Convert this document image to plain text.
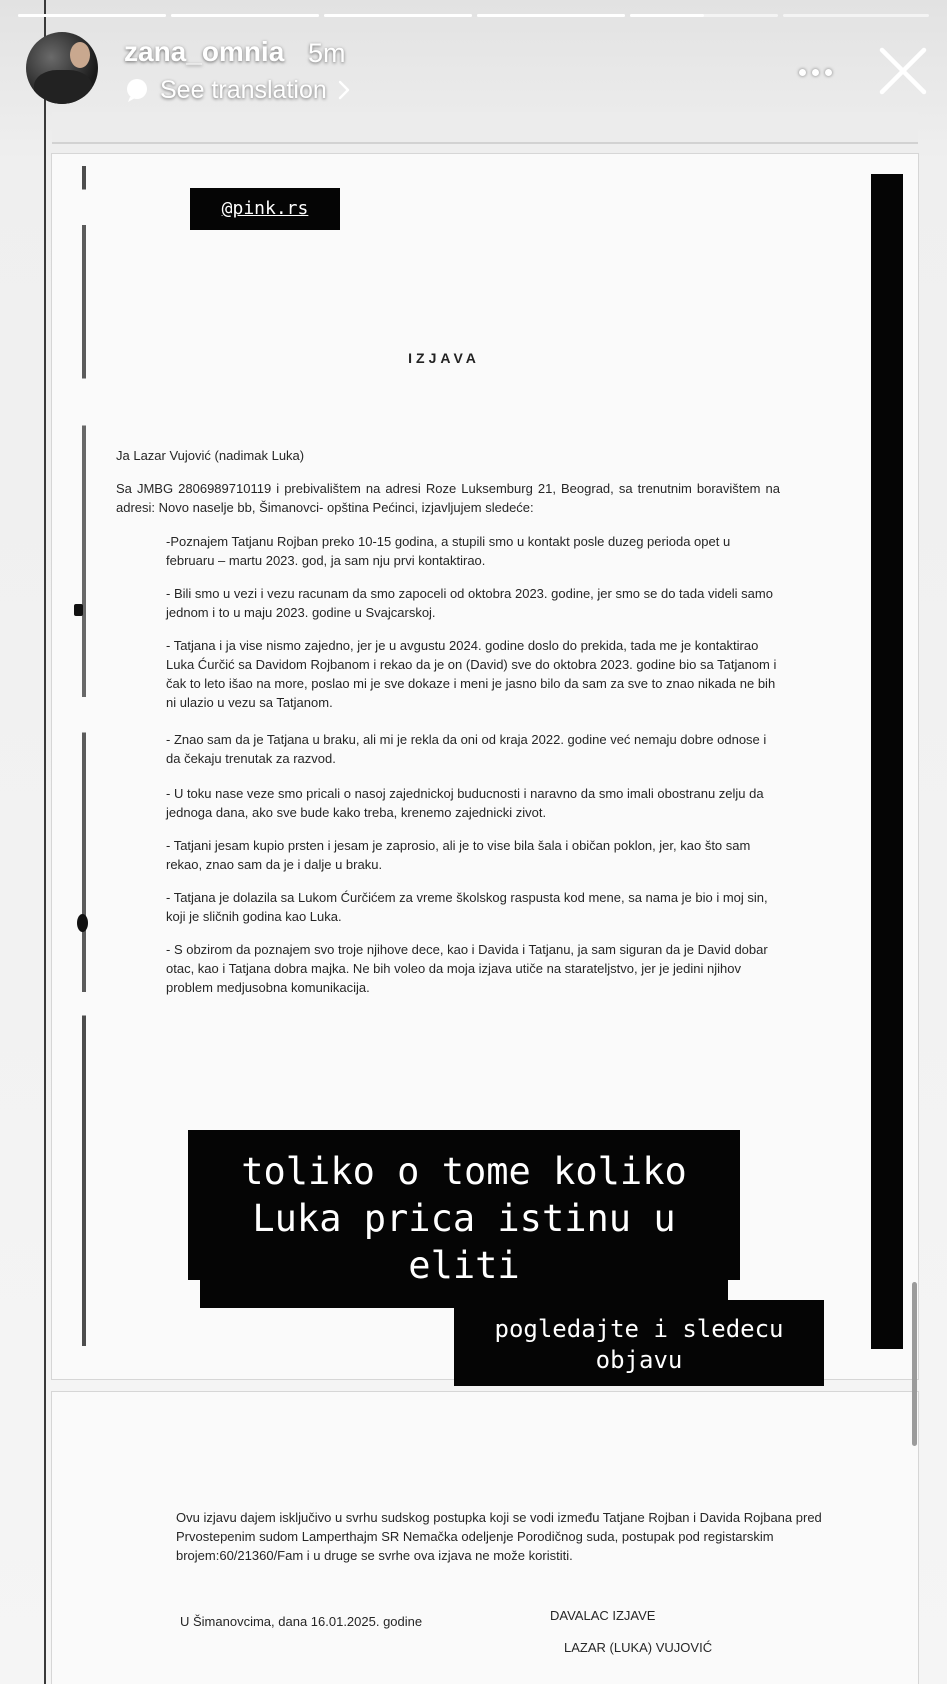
IZJAVA
Ja Lazar Vujović (nadimak Luka)
Sa JMBG 2806989710119 i prebivalištem na adresi Roze Luksemburg 21, Beograd, sa trenutnim boravištem na adresi: Novo naselje bb, Šimanovci- opština Pećinci, izjavljujem sledeće:
-Poznajem Tatjanu Rojban preko 10-15 godina, a stupili smo u kontakt posle duzeg perioda opet u februaru – martu 2023. god, ja sam nju prvi kontaktirao.
- Bili smo u vezi i vezu racunam da smo zapoceli od oktobra 2023. godine, jer smo se do tada videli samo jednom i to u maju 2023. godine u Svajcarskoj.
- Tatjana i ja vise nismo zajedno, jer je u avgustu 2024. godine doslo do prekida, tada me je kontaktirao Luka Ćurčić sa Davidom Rojbanom i rekao da je on (David) sve do oktobra 2023. godine bio sa Tatjanom i čak to leto išao na more, poslao mi je sve dokaze i meni je jasno bilo da sam za sve to znao nikada ne bih ni ulazio u vezu sa Tatjanom.
- Znao sam da je Tatjana u braku, ali mi je rekla da oni od kraja 2022. godine već nemaju dobre odnose i da čekaju trenutak za razvod.
- U toku nase veze smo pricali o nasoj zajednickoj buducnosti i naravno da smo imali obostranu zelju da jednoga dana, ako sve bude kako treba, krenemo zajednicki zivot.
- Tatjani jesam kupio prsten i jesam je zaprosio, ali je to vise bila šala i običan poklon, jer, kao što sam rekao, znao sam da je i dalje u braku.
- Tatjana je dolazila sa Lukom Ćurčićem za vreme školskog raspusta kod mene, sa nama je bio i moj sin, koji je sličnih godina kao Luka.
- S obzirom da poznajem svo troje njihove dece, kao i Davida i Tatjanu, ja sam siguran da je David dobar otac, kao i Tatjana dobra majka. Ne bih voleo da moja izjava utiče na starateljstvo, jer je jedini njihov problem medjusobna komunikacija.
Ovu izjavu dajem isključivo u svrhu sudskog postupka koji se vodi između Tatjane Rojban i Davida Rojbana pred Prvostepenim sudom Lamperthajm SR Nemačka odeljenje Porodičnog suda, postupak pod registarskim brojem:60/21360/Fam i u druge se svrhe ova izjava ne može koristiti.
U Šimanovcima, dana 16.01.2025. godine	DAVALAC IZJAVE
LAZAR (LUKA) VUJOVIĆ
@pink.rs
toliko o tome koliko Luka prica istinu u eliti
pogledajte i sledecu objavu
zana_omnia 5m
See translation
